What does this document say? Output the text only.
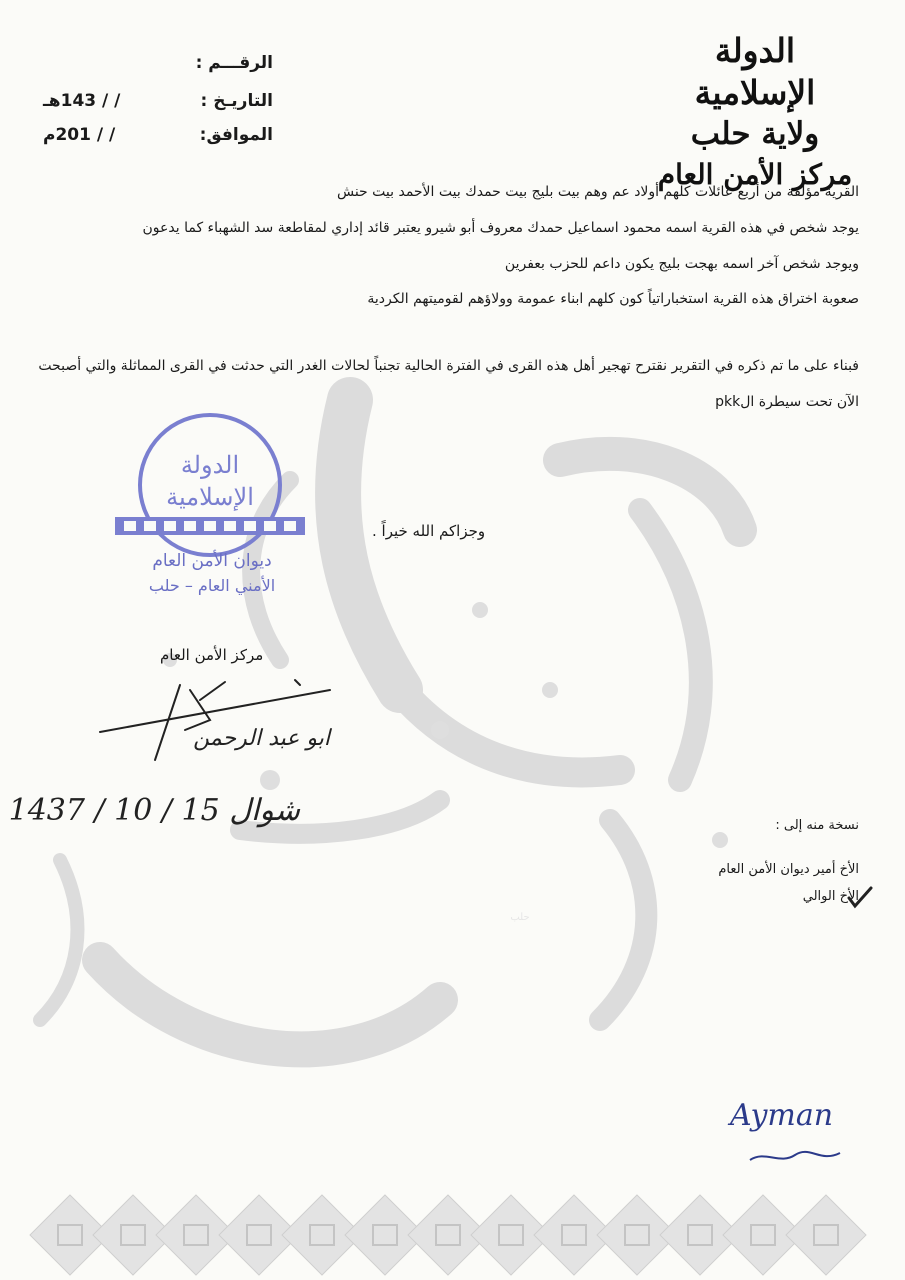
حلب
الدولة الإسلامية
ولاية حلب
مركز الأمن العام
الرقـــم :
التاريـخ :
/ / 143هـ
الموافق:
/ / 201م
القرية مؤلفة من أربع عائلات كلهم أولاد عم وهم بيت بليج بيت حمدك بيت الأحمد بيت حنش
يوجد شخص في هذه القرية اسمه محمود اسماعيل حمدك معروف أبو شيرو يعتبر قائد إداري لمقاطعة سد الشهباء كما يدعون
ويوجد شخص آخر اسمه بهجت بليج يكون داعم للحزب بعفرين
صعوبة اختراق هذه القرية استخباراتياً كون كلهم ابناء عمومة وولاؤهم لقوميتهم الكردية
فبناء على ما تم ذكره في التقرير نقترح تهجير أهل هذه القرى في الفترة الحالية تجنباً لحالات الغدر التي حدثت في القرى المماثلة والتي أصبحت
الآن تحت سيطرة الpkk
الدولة
الإسلامية
ديوان الأمن العام
الأمني العام – حلب
وجزاكم الله خيراً .
مركز الأمن العام
ابو عبد الرحمن
1437 / 10 / شوال 15	نسخة منه إلى :
الأخ أمير ديوان الأمن العام
الأخ الوالي
Ayman
